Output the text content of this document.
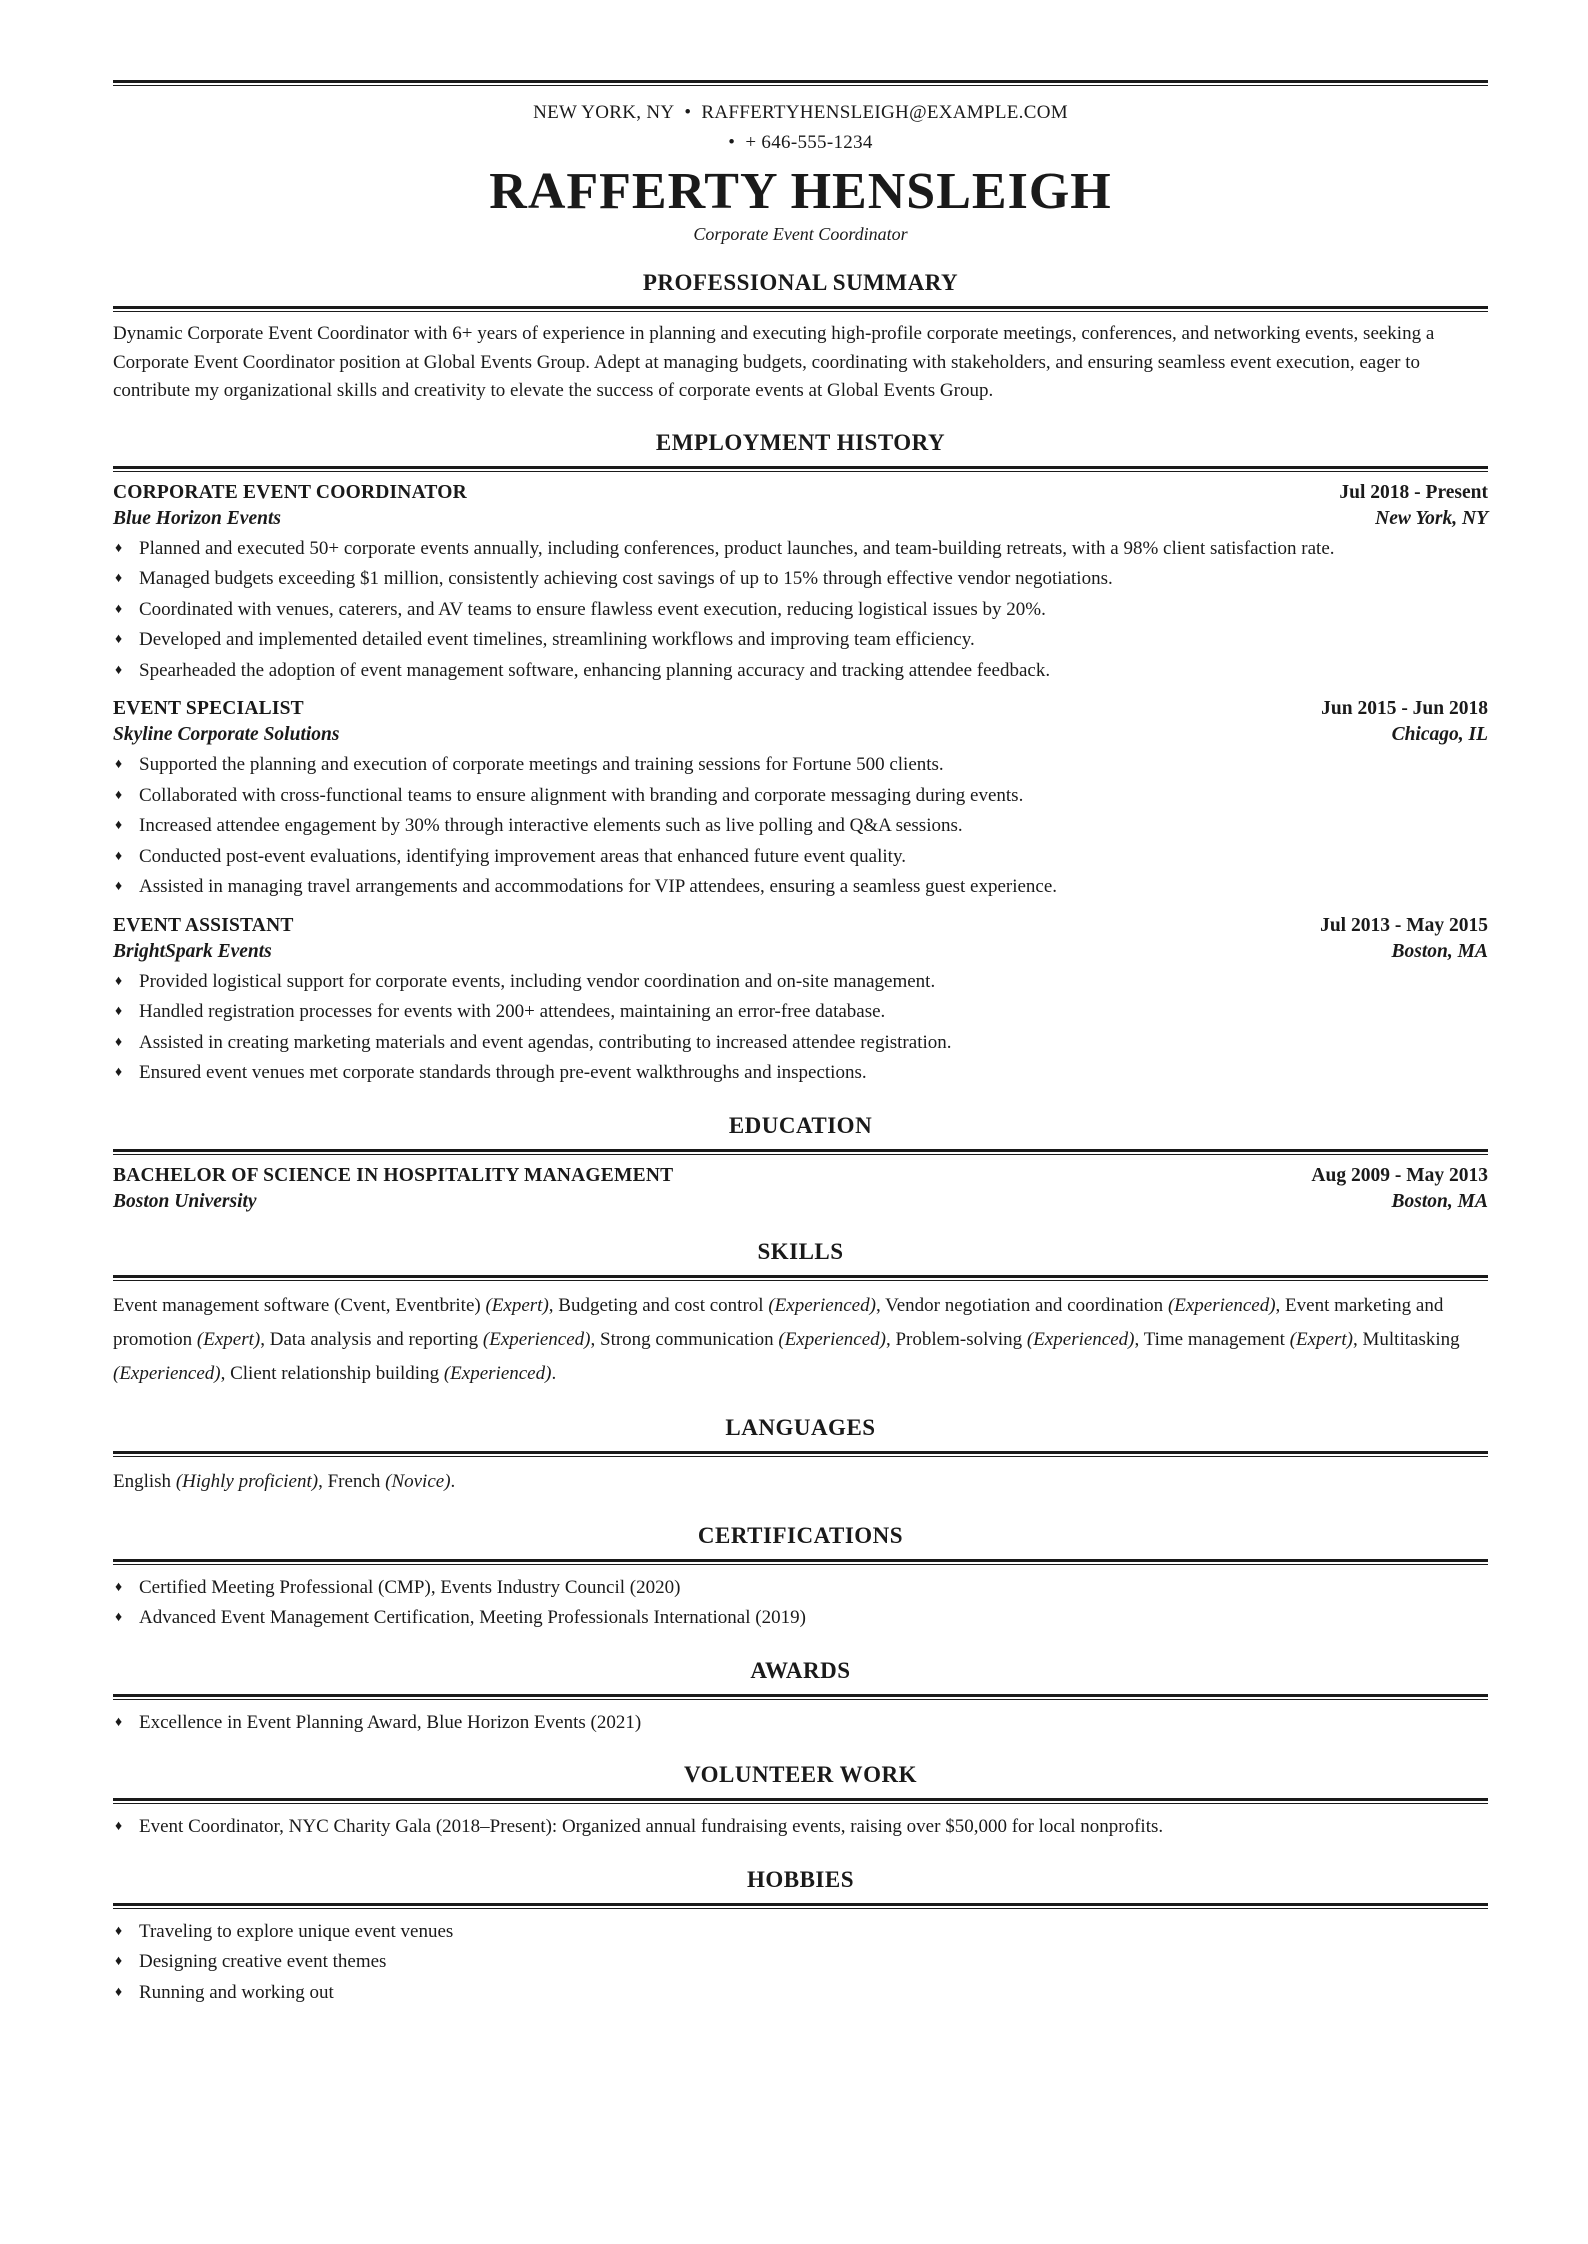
NEW YORK, NY • RAFFERTYHENSLEIGH@EXAMPLE.COM
• + 646-555-1234
RAFFERTY HENSLEIGH
Corporate Event Coordinator
PROFESSIONAL SUMMARY

Dynamic Corporate Event Coordinator with 6+ years of experience in planning and executing high-profile corporate meetings, conferences, and networking events, seeking a Corporate Event Coordinator position at Global Events Group. Adept at managing budgets, coordinating with stakeholders, and ensuring seamless event execution, eager to contribute my organizational skills and creativity to elevate the success of corporate events at Global Events Group.

EMPLOYMENT HISTORY
CORPORATE EVENT COORDINATOR	Jul 2018 - Present
Blue Horizon Events	New York, NY
♦ Planned and executed 50+ corporate events annually, including conferences, product launches, and team-building retreats, with a 98% client satisfaction rate.
♦ Managed budgets exceeding $1 million, consistently achieving cost savings of up to 15% through effective vendor negotiations.
♦ Coordinated with venues, caterers, and AV teams to ensure flawless event execution, reducing logistical issues by 20%.
♦ Developed and implemented detailed event timelines, streamlining workflows and improving team efficiency.
♦ Spearheaded the adoption of event management software, enhancing planning accuracy and tracking attendee feedback.
EVENT SPECIALIST	Jun 2015 - Jun 2018
Skyline Corporate Solutions	Chicago, IL
♦ Supported the planning and execution of corporate meetings and training sessions for Fortune 500 clients.
♦ Collaborated with cross-functional teams to ensure alignment with branding and corporate messaging during events.
♦ Increased attendee engagement by 30% through interactive elements such as live polling and Q&A sessions.
♦ Conducted post-event evaluations, identifying improvement areas that enhanced future event quality.
♦ Assisted in managing travel arrangements and accommodations for VIP attendees, ensuring a seamless guest experience.
EVENT ASSISTANT	Jul 2013 - May 2015
BrightSpark Events	Boston, MA
♦ Provided logistical support for corporate events, including vendor coordination and on-site management.
♦ Handled registration processes for events with 200+ attendees, maintaining an error-free database.
♦ Assisted in creating marketing materials and event agendas, contributing to increased attendee registration.
♦ Ensured event venues met corporate standards through pre-event walkthroughs and inspections.
EDUCATION
BACHELOR OF SCIENCE IN HOSPITALITY MANAGEMENT	Aug 2009 - May 2013
Boston University	Boston, MA
SKILLS
Event management software (Cvent, Eventbrite) (Expert), Budgeting and cost control (Experienced), Vendor negotiation and coordination (Experienced), Event marketing and promotion (Expert), Data analysis and reporting (Experienced), Strong communication (Experienced), Problem-solving (Experienced), Time management (Expert), Multitasking (Experienced), Client relationship building (Experienced).
LANGUAGES
English (Highly proficient), French (Novice).
CERTIFICATIONS
♦ Certified Meeting Professional (CMP), Events Industry Council (2020)
♦ Advanced Event Management Certification, Meeting Professionals International (2019)
AWARDS
♦ Excellence in Event Planning Award, Blue Horizon Events (2021)
VOLUNTEER WORK
♦ Event Coordinator, NYC Charity Gala (2018–Present): Organized annual fundraising events, raising over $50,000 for local nonprofits.
HOBBIES
♦ Traveling to explore unique event venues
♦ Designing creative event themes
♦ Running and working out
